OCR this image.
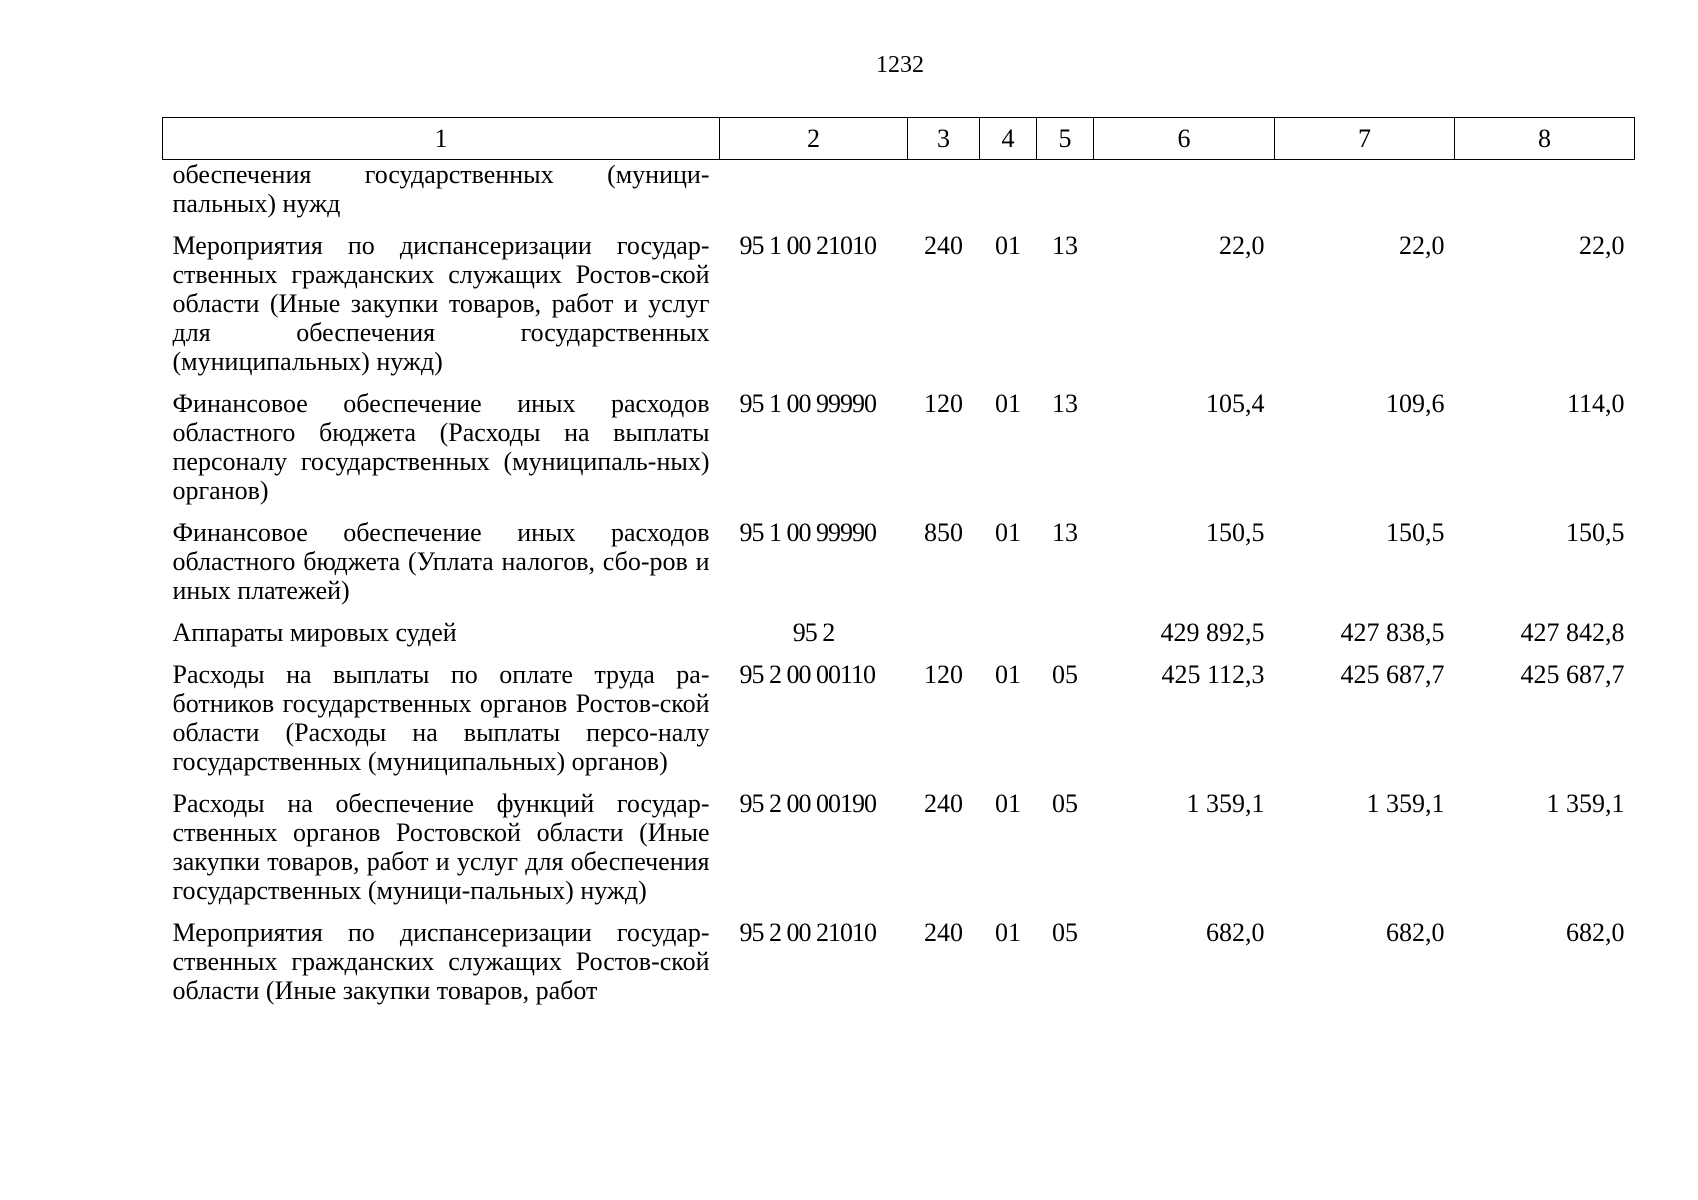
1232
1	2	3	4	5	6	7	8
обеспечения государственных (муници-пальных) нужд							
Мероприятия по диспансеризации государ-ственных гражданских служащих Ростов-ской области (Иные закупки товаров, работ и услуг для обеспечения государственных (муниципальных) нужд)	95 1 00 21010	240	01	13	22,0	22,0	22,0
Финансовое обеспечение иных расходов областного бюджета (Расходы на выплаты персоналу государственных (муниципаль-ных) органов)	95 1 00 99990	120	01	13	105,4	109,6	114,0
Финансовое обеспечение иных расходов областного бюджета (Уплата налогов, сбо-ров и иных платежей)	95 1 00 99990	850	01	13	150,5	150,5	150,5
Аппараты мировых судей	95 2				429 892,5	427 838,5	427 842,8
Расходы на выплаты по оплате труда ра-ботников государственных органов Ростов-ской области (Расходы на выплаты персо-налу государственных (муниципальных) органов)	95 2 00 00110	120	01	05	425 112,3	425 687,7	425 687,7
Расходы на обеспечение функций государ-ственных органов Ростовской области (Иные закупки товаров, работ и услуг для обеспечения государственных (муници-пальных) нужд)	95 2 00 00190	240	01	05	1 359,1	1 359,1	1 359,1
Мероприятия по диспансеризации государ-ственных гражданских служащих Ростов-ской области (Иные закупки товаров, работ	95 2 00 21010	240	01	05	682,0	682,0	682,0
